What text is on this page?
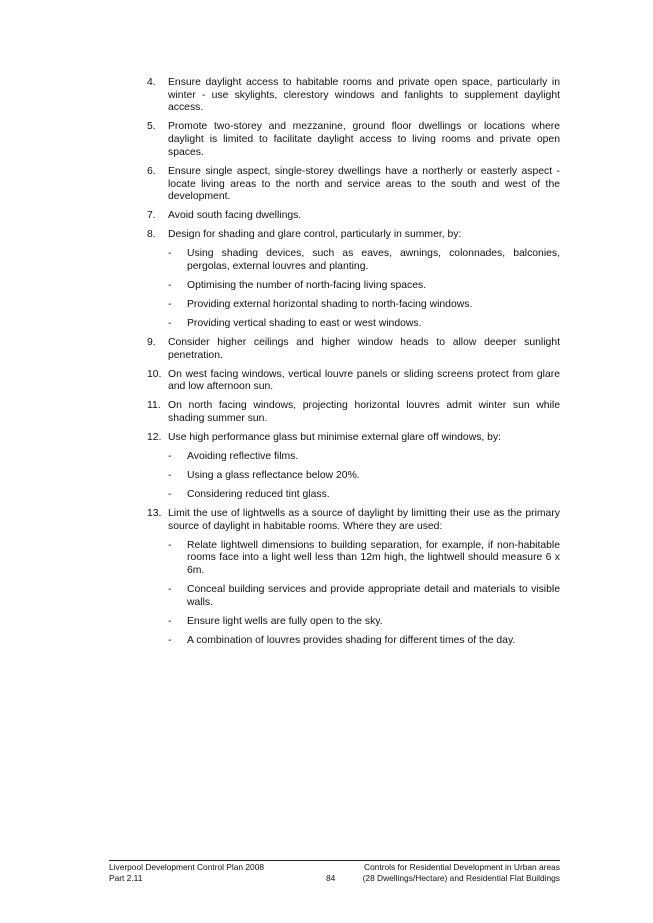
4. Ensure daylight access to habitable rooms and private open space, particularly in winter - use skylights, clerestory windows and fanlights to supplement daylight access.
5. Promote two-storey and mezzanine, ground floor dwellings or locations where daylight is limited to facilitate daylight access to living rooms and private open spaces.
6. Ensure single aspect, single-storey dwellings have a northerly or easterly aspect - locate living areas to the north and service areas to the south and west of the development.
7. Avoid south facing dwellings.
8. Design for shading and glare control, particularly in summer, by:
- Using shading devices, such as eaves, awnings, colonnades, balconies, pergolas, external louvres and planting.
- Optimising the number of north-facing living spaces.
- Providing external horizontal shading to north-facing windows.
- Providing vertical shading to east or west windows.
9. Consider higher ceilings and higher window heads to allow deeper sunlight penetration.
10. On west facing windows, vertical louvre panels or sliding screens protect from glare and low afternoon sun.
11. On north facing windows, projecting horizontal louvres admit winter sun while shading summer sun.
12. Use high performance glass but minimise external glare off windows, by:
- Avoiding reflective films.
- Using a glass reflectance below 20%.
- Considering reduced tint glass.
13. Limit the use of lightwells as a source of daylight by limitting their use as the primary source of daylight in habitable rooms. Where they are used:
- Relate lightwell dimensions to building separation, for example, if non-habitable rooms face into a light well less than 12m high, the lightwell should measure 6 x 6m.
- Conceal building services and provide appropriate detail and materials to visible walls.
- Ensure light wells are fully open to the sky.
- A combination of louvres provides shading for different times of the day.
Liverpool Development Control Plan 2008	Controls for Residential Development in Urban areas
Part 2.11	84	(28 Dwellings/Hectare) and Residential Flat Buildings
